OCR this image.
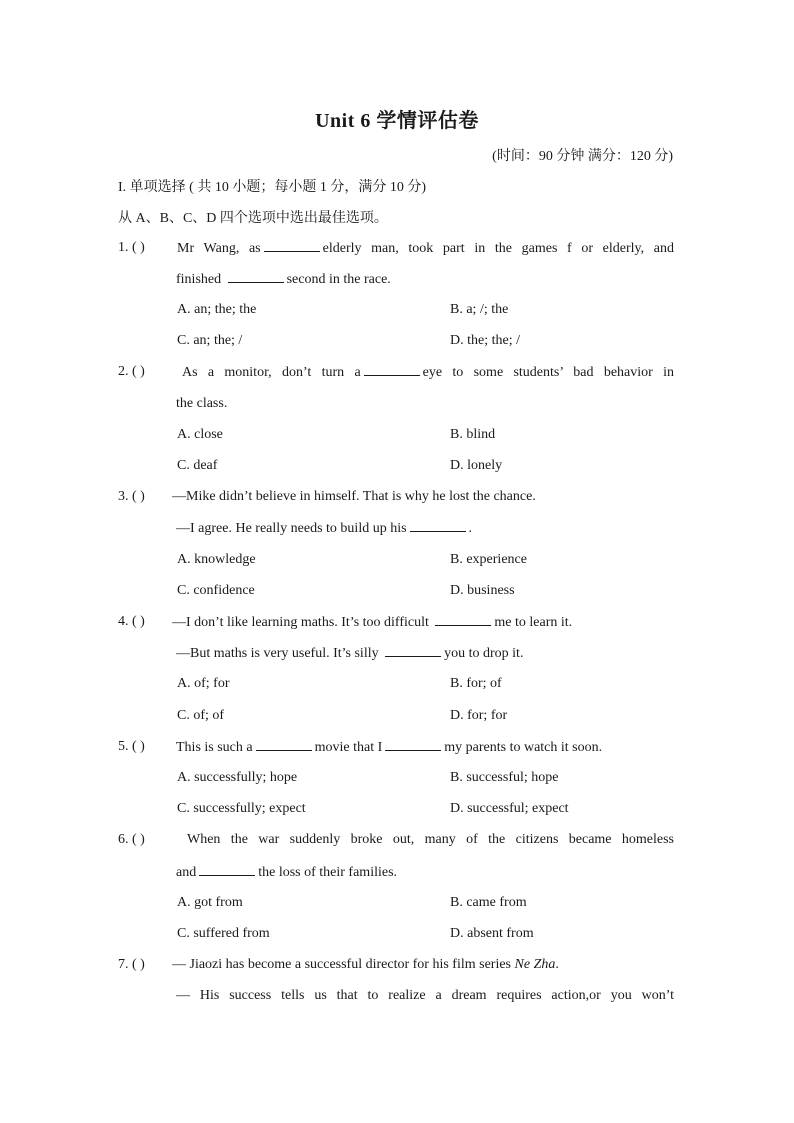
Unit 6 学情评估卷
(时间：90 分钟 满分：120 分)
I. 单项选择 ( 共 10 小题；每小题 1 分，满分 10 分)
从 A、B、C、D 四个选项中选出最佳选项。
1. ( ) Mr Wang, as	elderly man, took part in the games f or elderly, and
finished	second in the race.
A. an; the; the	B. a; /; the
C. an; the; /	D. the; the; /
2. ( )	As a monitor, don’t turn a	eye to some students’ bad behavior in
the class.
A. close	B. blind
C. deaf	D. lonely
3. ( ) —Mike didn’t believe in himself. That is why he lost the chance.
—I agree. He really needs to build up his	.
A. knowledge	B. experience
C. confidence	D. business
4. ( ) —I don’t like learning maths. It’s too difficult	me to learn it.
—But maths is very useful. It’s silly	you to drop it.
A. of; for	B. for; of
C. of; of	D. for; for
5. ( ) This is such a	movie that I	my parents to watch it soon.
A. successfully; hope	B. successful; hope
C. successfully; expect	D. successful; expect
6. ( )	When the war suddenly broke out, many of the citizens became homeless
and	the loss of their families.
A. got from	B. came from
C. suffered from	D. absent from
7. ( ) — Jiaozi has become a successful director for his film series Ne Zha.
— His success tells us that to realize a dream requires action,or you won’t
